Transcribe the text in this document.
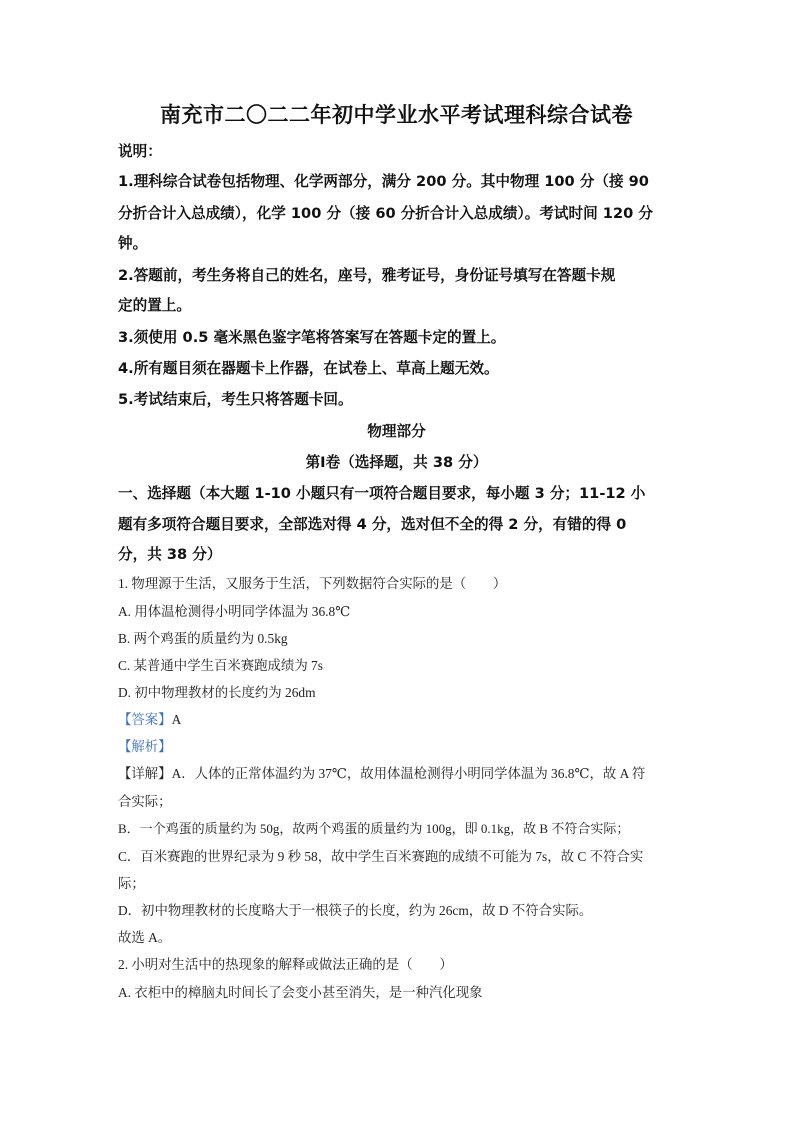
南充市二〇二二年初中学业水平考试理科综合试卷
说明：
1.理科综合试卷包括物理、化学两部分，满分 200 分。其中物理 100 分（接 90
分折合计入总成绩），化学 100 分（接 60 分折合计入总成绩）。考试时间 120 分
钟。
2.答题前，考生务将自己的姓名，座号，雅考证号，身份证号填写在答题卡规
定的置上。
3.须使用 0.5 毫米黑色鉴字笔将答案写在答题卡定的置上。
4.所有题目须在器题卡上作器，在试卷上、草高上题无效。
5.考试结束后，考生只将答题卡回。
物理部分
第Ⅰ卷（选择题，共 38 分）
一、选择题（本大题 1-10 小题只有一项符合题目要求，每小题 3 分；11-12 小
题有多项符合题目要求，全部选对得 4 分，选对但不全的得 2 分，有错的得 0
分，共 38 分）
1. 物理源于生活，又服务于生活，下列数据符合实际的是（　　）
A. 用体温枪测得小明同学体温为 36.8℃
B. 两个鸡蛋的质量约为 0.5kg
C. 某普通中学生百米赛跑成绩为 7s
D. 初中物理教材的长度约为 26dm
【答案】A
【解析】
【详解】A．人体的正常体温约为 37℃，故用体温枪测得小明同学体温为 36.8℃，故 A 符
合实际；
B．一个鸡蛋的质量约为 50g，故两个鸡蛋的质量约为 100g，即 0.1kg，故 B 不符合实际；
C．百米赛跑的世界纪录为 9 秒 58，故中学生百米赛跑的成绩不可能为 7s，故 C 不符合实
际；
D．初中物理教材的长度略大于一根筷子的长度，约为 26cm，故 D 不符合实际。
故选 A。
2. 小明对生活中的热现象的解释或做法正确的是（　　）
A. 衣柜中的樟脑丸时间长了会变小甚至消失，是一种汽化现象
